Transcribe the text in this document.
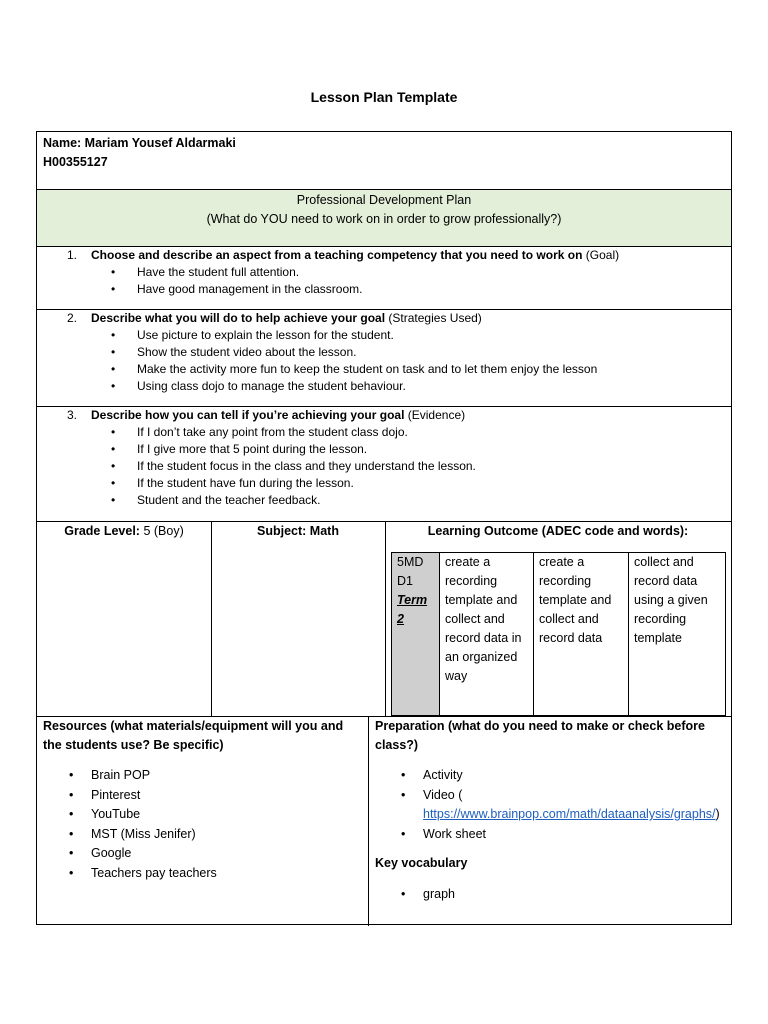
Lesson Plan Template
Name: Mariam Yousef Aldarmaki
H00355127
Professional Development Plan
(What do YOU need to work on in order to grow professionally?)
1. Choose and describe an aspect from a teaching competency that you need to work on (Goal)
• Have the student full attention.
• Have good management in the classroom.
2. Describe what you will do to help achieve your goal (Strategies Used)
• Use picture to explain the lesson for the student.
• Show the student video about the lesson.
• Make the activity more fun to keep the student on task and to let them enjoy the lesson
• Using class dojo to manage the student behaviour.
3. Describe how you can tell if you’re achieving your goal (Evidence)
• If I don’t take any point from the student class dojo.
• If I give more that 5 point during the lesson.
• If the student focus in the class and they understand the lesson.
• If the student have fun during the lesson.
• Student and the teacher feedback.
Grade Level: 5 (Boy)	Subject: Math	Learning Outcome (ADEC code and words):
5MD
D1
Term
2
create a recording template and collect and record data in an organized way
create a recording template and collect and record data
collect and record data using a given recording template
Resources (what materials/equipment will you and the students use? Be specific)
• Brain POP
• Pinterest
• YouTube
• MST (Miss Jenifer)
• Google
• Teachers pay teachers
Preparation (what do you need to make or check before class?)
• Activity
• Video (
https://www.brainpop.com/math/dataanalysis/graphs/)
• Work sheet
Key vocabulary
• graph
